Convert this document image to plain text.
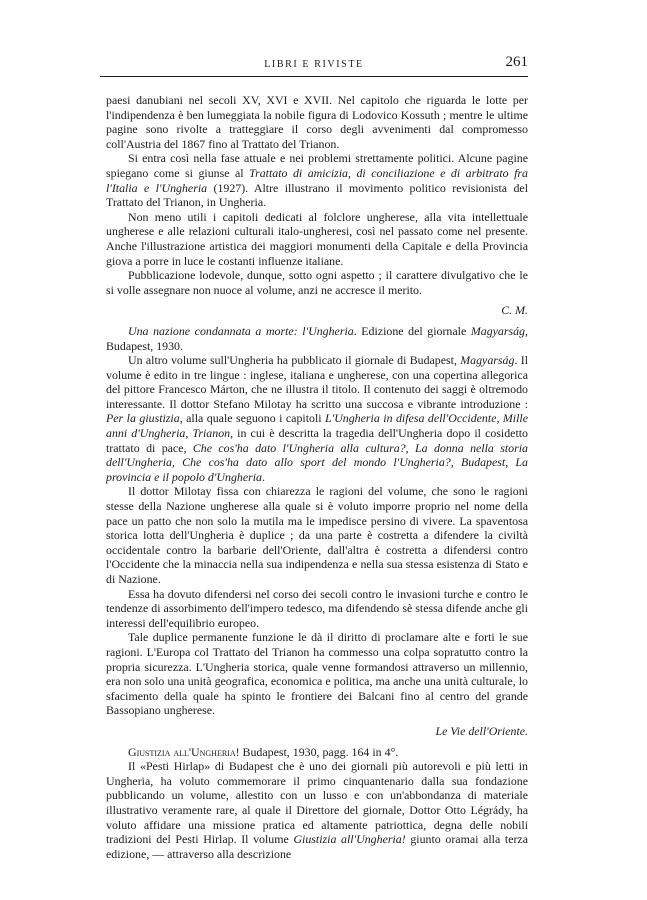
LIBRI E RIVISTE	261

paesi danubiani nel secoli XV, XVI e XVII. Nel capitolo che riguarda le lotte per l'indipendenza è ben lumeggiata la nobile figura di Lodovico Kossuth ; mentre le ultime pagine sono rivolte a tratteggiare il corso degli avvenimenti dal compromesso coll'Austria del 1867 fino al Trattato del Trianon.

Si entra così nella fase attuale e nei problemi strettamente politici. Alcune pagine spiegano come si giunse al Trattato di amicizia, di conciliazione e di arbitrato fra l'Italia e l'Ungheria (1927). Altre illustrano il movimento politico revisionista del Trattato del Trianon, in Ungheria.

Non meno utili i capitoli dedicati al folclore ungherese, alla vita intellettuale ungherese e alle relazioni culturali italo-ungheresi, così nel passato come nel presente. Anche l'illustrazione artistica dei maggiori monumenti della Capitale e della Provincia giova a porre in luce le costanti influenze italiane.

Pubblicazione lodevole, dunque, sotto ogni aspetto ; il carattere divulgativo che le si volle assegnare non nuoce al volume, anzi ne accresce il merito.

C. M.

Una nazione condannata a morte: l'Ungheria. Edizione del giornale Magyarság, Budapest, 1930.

Un altro volume sull'Ungheria ha pubblicato il giornale di Budapest, Magyarság. Il volume è edito in tre lingue : inglese, italiana e ungherese, con una copertina allegorica del pittore Francesco Márton, che ne illustra il titolo. Il contenuto dei saggi è oltremodo interessante. Il dottor Stefano Milotay ha scritto una succosa e vibrante introduzione : Per la giustizia, alla quale seguono i capitoli L'Ungheria in difesa dell'Occidente, Mille anni d'Ungheria, Trianon, in cui è descritta la tragedia dell'Ungheria dopo il cosidetto trattato di pace, Che cos'ha dato l'Ungheria alla cultura?, La donna nella storia dell'Ungheria, Che cos'ha dato allo sport del mondo l'Ungheria?, Budapest, La provincia e il popolo d'Ungheria.

Il dottor Milotay fissa con chiarezza le ragioni del volume, che sono le ragioni stesse della Nazione ungherese alla quale si è voluto imporre proprio nel nome della pace un patto che non solo la mutila ma le impedisce persino di vivere. La spaventosa storica lotta dell'Ungheria è duplice ; da una parte è costretta a difendere la civiltà occidentale contro la barbarie dell'Oriente, dall'altra è costretta a difendersi contro l'Occidente che la minaccia nella sua indipendenza e nella sua stessa esistenza di Stato e di Nazione.

Essa ha dovuto difendersi nel corso dei secoli contro le invasioni turche e contro le tendenze di assorbimento dell'impero tedesco, ma difendendo sè stessa difende anche gli interessi dell'equilibrio europeo.

Tale duplice permanente funzione le dà il diritto di proclamare alte e forti le sue ragioni. L'Europa col Trattato del Trianon ha commesso una colpa sopratutto contro la propria sicurezza. L'Ungheria storica, quale venne formandosi attraverso un millennio, era non solo una unità geografica, economica e politica, ma anche una unità culturale, lo sfacimento della quale ha spinto le frontiere dei Balcani fino al centro del grande Bassopiano ungherese.

Le Vie dell'Oriente.

Giustizia all'Ungheria! Budapest, 1930, pagg. 164 in 4°.

Il «Pesti Hirlap» di Budapest che è uno dei giornali più autorevoli e più letti in Ungheria, ha voluto commemorare il primo cinquantenario dalla sua fondazione pubblicando un volume, allestito con un lusso e con un'abbondanza di materiale illustrativo veramente rare, al quale il Direttore del giornale, Dottor Otto Légrády, ha voluto affidare una missione pratica ed altamente patriottica, degna delle nobili tradizioni del Pesti Hirlap. Il volume Giustizia all'Ungheria! giunto oramai alla terza edizione, — attraverso alla descrizione
